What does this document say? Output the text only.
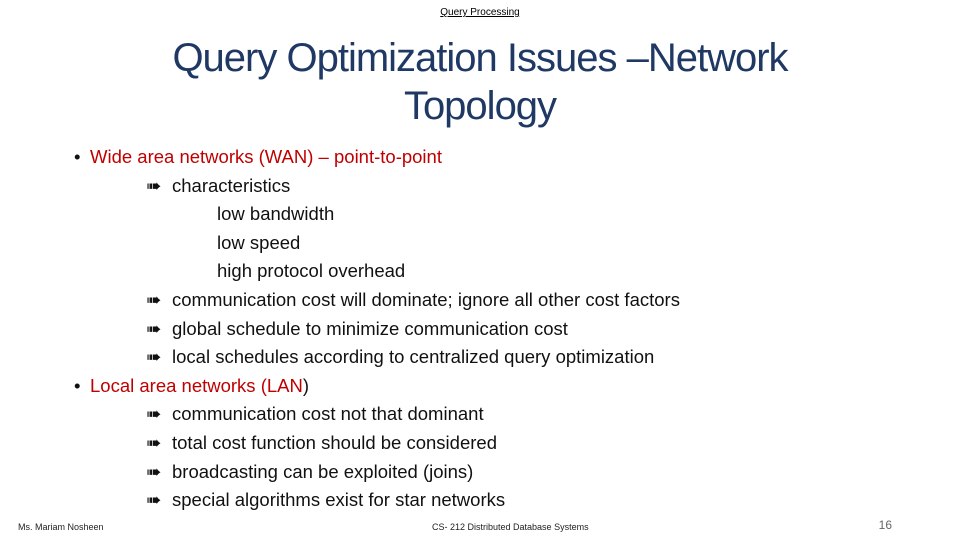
Query Processing
Query Optimization Issues –Network
Topology
• Wide area networks (WAN) – point-to-point
➠ characteristics
low bandwidth
low speed
high protocol overhead
➠ communication cost will dominate; ignore all other cost factors
➠ global schedule to minimize communication cost
➠ local schedules according to centralized query optimization
• Local area networks (LAN)
➠ communication cost not that dominant
➠ total cost function should be considered
➠ broadcasting can be exploited (joins)
➠ special algorithms exist for star networks
Ms. Mariam Nosheen	CS- 212 Distributed Database Systems	16
